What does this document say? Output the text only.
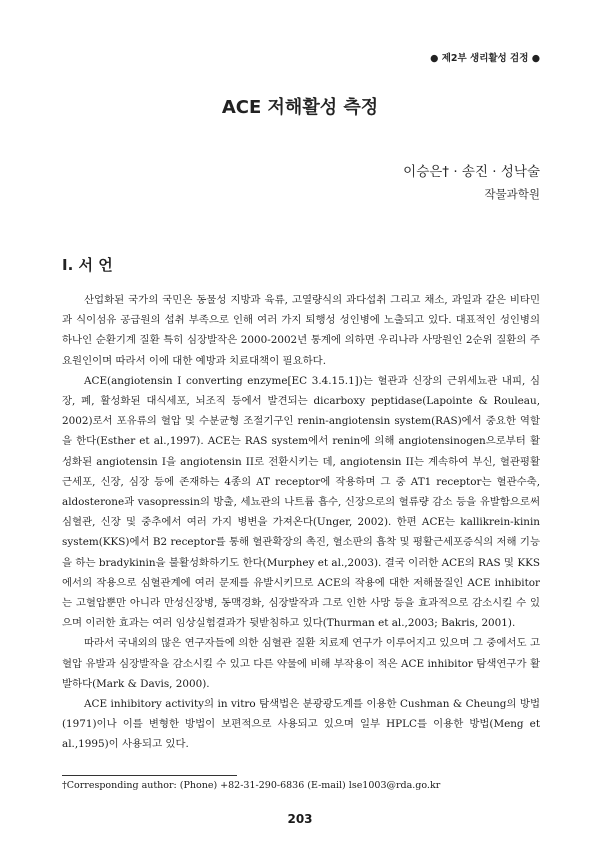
● 제2부 생리활성 검정 ●
ACE 저해활성 측정
이승은† · 송진 · 성낙술
작물과학원
I. 서 언

산업화된 국가의 국민은 동물성 지방과 육류, 고열량식의 과다섭취 그리고 채소, 과일과 같은 비타민과 식이섬유 공급원의 섭취 부족으로 인해 여러 가지 퇴행성 성인병에 노출되고 있다. 대표적인 성인병의 하나인 순환기계 질환 특히 심장발작은 2000-2002년 통계에 의하면 우리나라 사망원인 2순위 질환의 주요원인이며 따라서 이에 대한 예방과 치료대책이 필요하다.

ACE(angiotensin I converting enzyme[EC 3.4.15.1])는 혈관과 신장의 근위세뇨관 내피, 심장, 폐, 활성화된 대식세포, 뇌조직 등에서 발견되는 dicarboxy peptidase(Lapointe & Rouleau, 2002)로서 포유류의 혈압 및 수분균형 조절기구인 renin-angiotensin system(RAS)에서 중요한 역할을 한다(Esther et al.,1997). ACE는 RAS system에서 renin에 의해 angiotensinogen으로부터 활성화된 angiotensin I을 angiotensin II로 전환시키는 데, angiotensin II는 계속하여 부신, 혈관평활근세포, 신장, 심장 등에 존재하는 4종의 AT receptor에 작용하며 그 중 AT1 receptor는 혈관수축, aldosterone과 vasopressin의 방출, 세뇨관의 나트륨 흡수, 신장으로의 혈류량 감소 등을 유발함으로써 심혈관, 신장 및 중추에서 여러 가지 병변을 가져온다(Unger, 2002). 한편 ACE는 kallikrein-kinin system(KKS)에서 B2 receptor를 통해 혈관확장의 촉진, 혈소판의 흡착 및 평활근세포증식의 저해 기능을 하는 bradykinin을 불활성화하기도 한다(Murphey et al.,2003). 결국 이러한 ACE의 RAS 및 KKS에서의 작용으로 심혈관계에 여러 문제를 유발시키므로 ACE의 작용에 대한 저해물질인 ACE inhibitor는 고혈압뿐만 아니라 만성신장병, 동맥경화, 심장발작과 그로 인한 사망 등을 효과적으로 감소시킬 수 있으며 이러한 효과는 여러 임상실험결과가 뒷받침하고 있다(Thurman et al.,2003; Bakris, 2001).

따라서 국내외의 많은 연구자들에 의한 심혈관 질환 치료제 연구가 이루어지고 있으며 그 중에서도 고혈압 유발과 심장발작을 감소시킬 수 있고 다른 약물에 비해 부작용이 적은 ACE inhibitor 탐색연구가 활발하다(Mark & Davis, 2000).

ACE inhibitory activity의 in vitro 탐색법은 분광광도계를 이용한 Cushman & Cheung의 방법(1971)이나 이를 변형한 방법이 보편적으로 사용되고 있으며 일부 HPLC를 이용한 방법(Meng et al.,1995)이 사용되고 있다.

†Corresponding author: (Phone) +82-31-290-6836 (E-mail) lse1003@rda.go.kr
203
